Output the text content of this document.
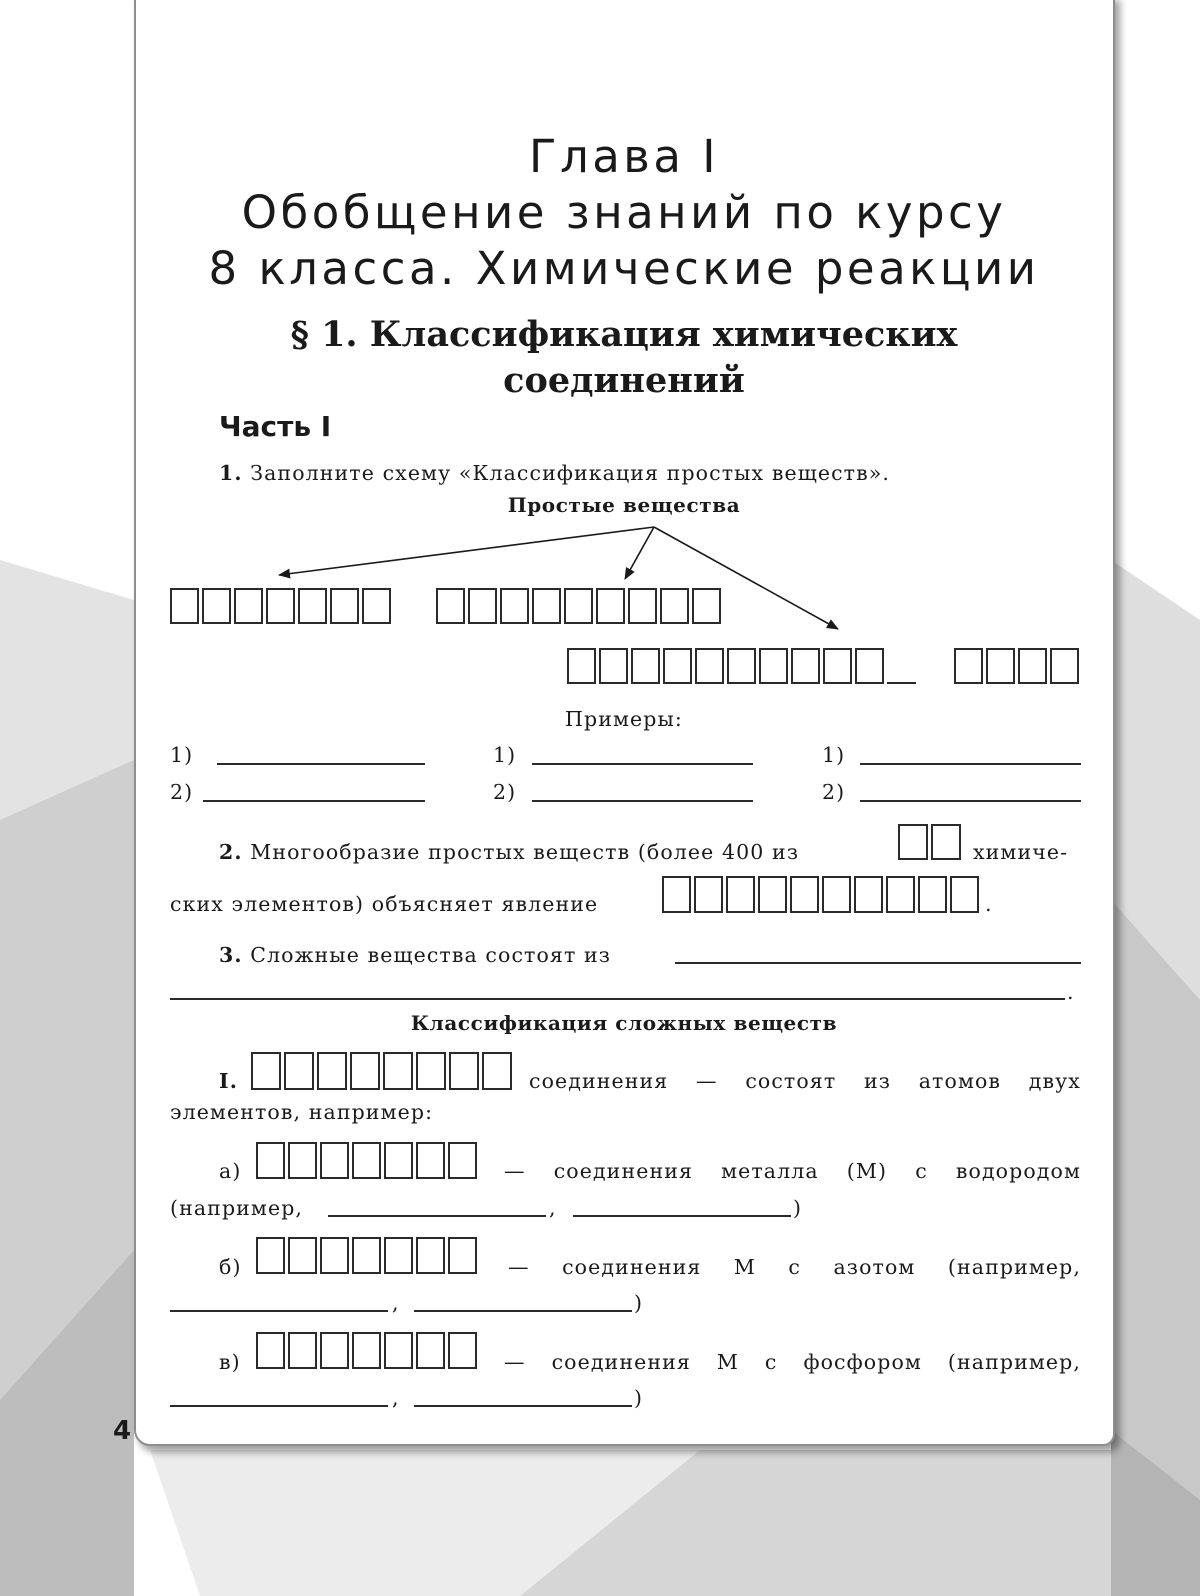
Глава I
Обобщение знаний по курсу
8 класса. Химические реакции
§ 1. Классификация химических
соединений
Часть I
1. Заполните схему «Классификация простых веществ».
Простые вещества
Примеры:
1)
2)
1)
2)
1)
2)
2. Многообразие простых веществ (более 400 из	химиче-
ских элементов) объясняет явление	.
3. Сложные вещества состоят из
.
Классификация сложных веществ
I.	соединения — состоят из атомов двух
элементов, например:
а)	— соединения металла (М) с водородом
(например,	,	)
б)	— соединения М с азотом (например,
,	)
в)	— соединения М с фосфором (например,
,	)
4
